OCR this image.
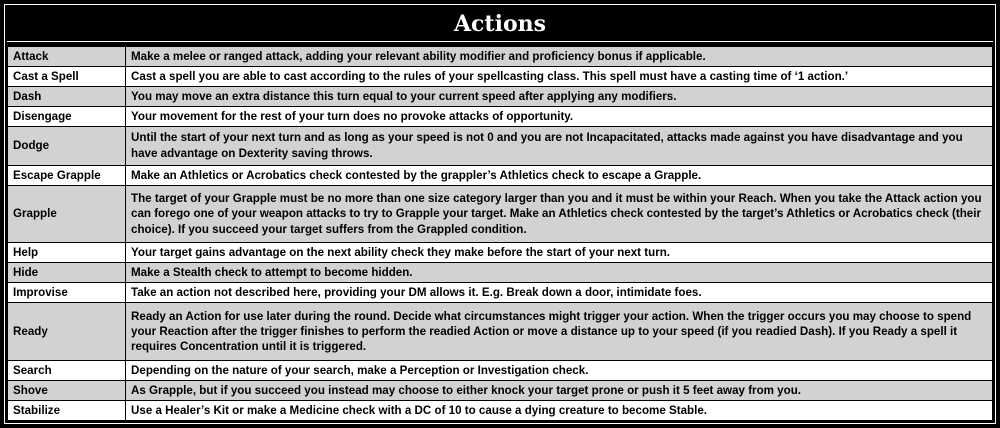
Actions
Attack	Make a melee or ranged attack, adding your relevant ability modifier and proficiency bonus if applicable.
Cast a Spell	Cast a spell you are able to cast according to the rules of your spellcasting class. This spell must have a casting time of ‘1 action.’
Dash	You may move an extra distance this turn equal to your current speed after applying any modifiers.
Disengage	Your movement for the rest of your turn does no provoke attacks of opportunity.
Dodge	Until the start of your next turn and as long as your speed is not 0 and you are not Incapacitated, attacks made against you have disadvantage and you have advantage on Dexterity saving throws.
Escape Grapple	Make an Athletics or Acrobatics check contested by the grappler’s Athletics check to escape a Grapple.
Grapple	The target of your Grapple must be no more than one size category larger than you and it must be within your Reach. When you take the Attack action you can forego one of your weapon attacks to try to Grapple your target. Make an Athletics check contested by the target’s Athletics or Acrobatics check (their choice). If you succeed your target suffers from the Grappled condition.
Help	Your target gains advantage on the next ability check they make before the start of your next turn.
Hide	Make a Stealth check to attempt to become hidden.
Improvise	Take an action not described here, providing your DM allows it. E.g. Break down a door, intimidate foes.
Ready	Ready an Action for use later during the round. Decide what circumstances might trigger your action. When the trigger occurs you may choose to spend your Reaction after the trigger finishes to perform the readied Action or move a distance up to your speed (if you readied Dash). If you Ready a spell it requires Concentration until it is triggered.
Search	Depending on the nature of your search, make a Perception or Investigation check.
Shove	As Grapple, but if you succeed you instead may choose to either knock your target prone or push it 5 feet away from you.
Stabilize	Use a Healer’s Kit or make a Medicine check with a DC of 10 to cause a dying creature to become Stable.
